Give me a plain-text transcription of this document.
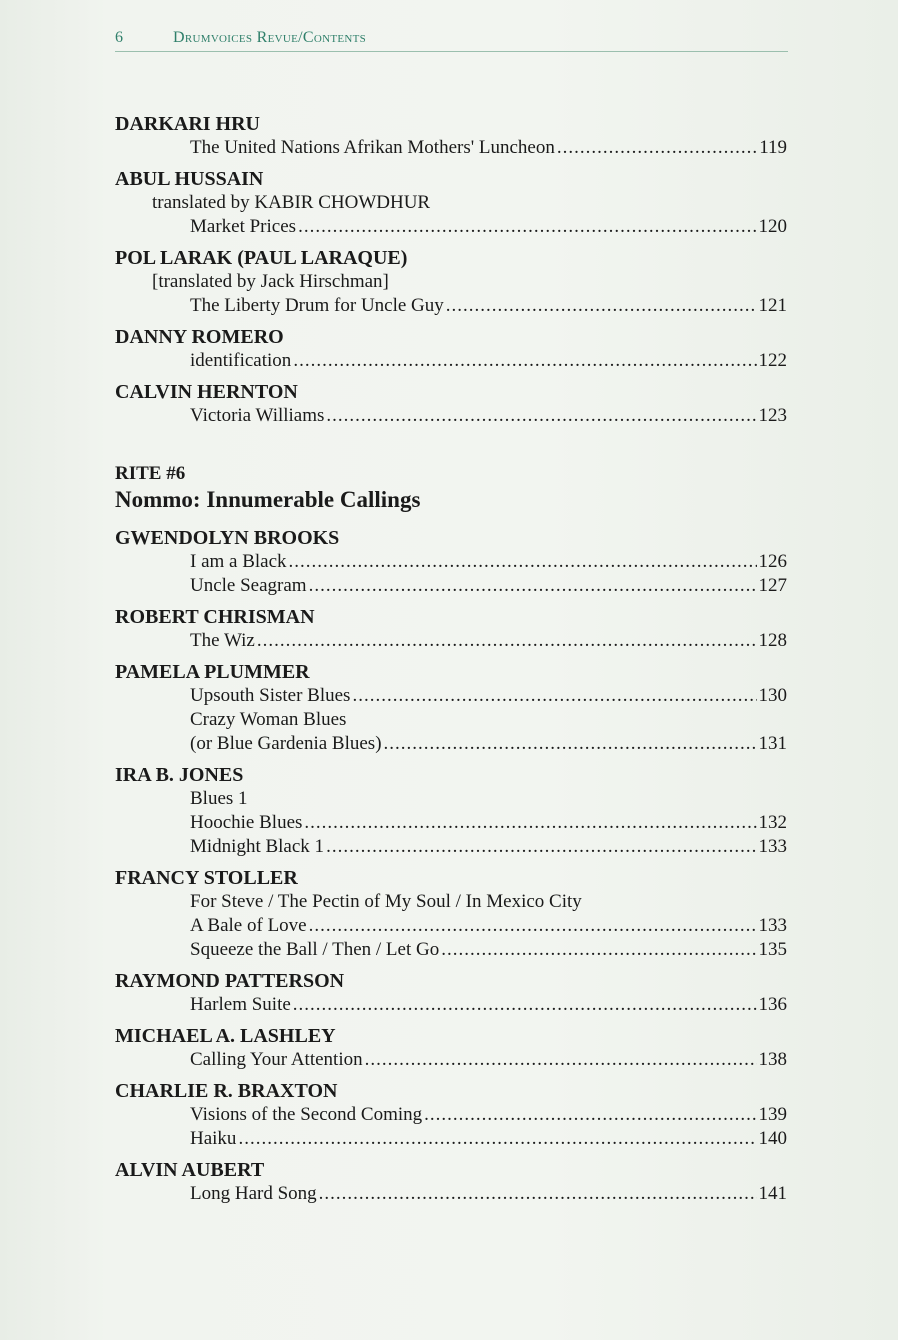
6	Drumvoices Revue/Contents
DARKARI HRU
The United Nations Afrikan Mothers' Luncheon .....	119
ABUL HUSSAIN
translated by KABIR CHOWDHUR
Market Prices .....	120
POL LARAK (PAUL LARAQUE)
[translated by Jack Hirschman]
The Liberty Drum for Uncle Guy .....	121
DANNY ROMERO
identification .....	122
CALVIN HERNTON
Victoria Williams .....	123
RITE #6
Nommo: Innumerable Callings
GWENDOLYN BROOKS
I am a Black .....	126
Uncle Seagram .....	127
ROBERT CHRISMAN
The Wiz .....	128
PAMELA PLUMMER
Upsouth Sister Blues .....	130
Crazy Woman Blues
(or Blue Gardenia Blues) .....	131
IRA B. JONES
Blues 1
Hoochie Blues .....	132
Midnight Black 1 .....	133
FRANCY STOLLER
For Steve / The Pectin of My Soul / In Mexico City
A Bale of Love .....	133
Squeeze the Ball / Then / Let Go .....	135
RAYMOND PATTERSON
Harlem Suite .....	136
MICHAEL A. LASHLEY
Calling Your Attention .....	138
CHARLIE R. BRAXTON
Visions of the Second Coming .....	139
Haiku .....	140
ALVIN AUBERT
Long Hard Song .....	141
